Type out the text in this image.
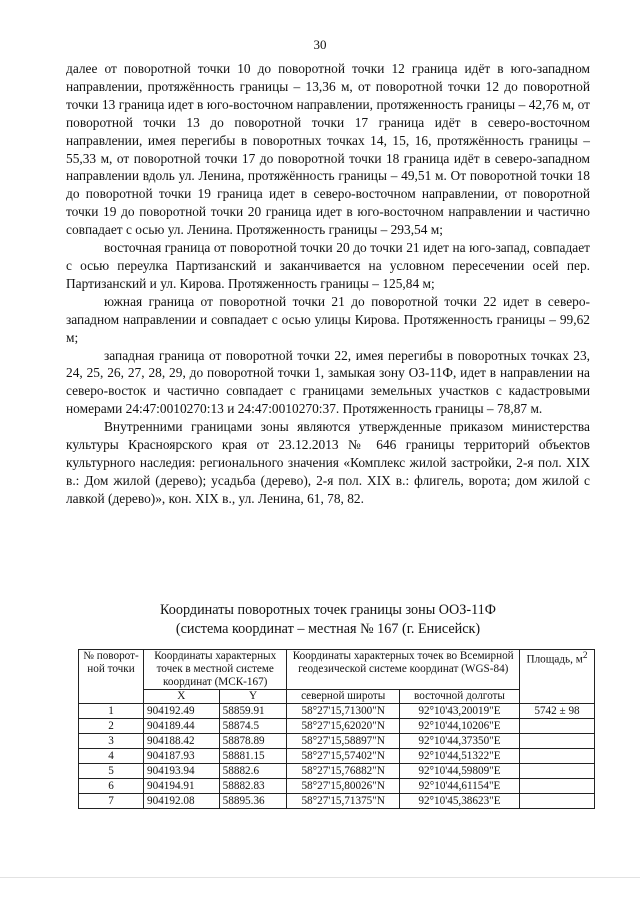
30

далее от поворотной точки 10 до поворотной точки 12 граница идёт в юго-западном направлении, протяжённость границы – 13,36 м, от поворотной точки 12 до поворотной точки 13 граница идет в юго-восточном направлении, протяженность границы – 42,76 м, от поворотной точки 13 до поворотной точки 17 граница идёт в северо-восточном направлении, имея перегибы в поворотных точках 14, 15, 16, протяжённость границы – 55,33 м, от поворотной точки 17 до поворотной точки 18 граница идёт в северо-западном направлении вдоль ул. Ленина, протяжённость границы – 49,51 м. От поворотной точки 18 до поворотной точки 19 граница идет в северо-восточном направлении, от поворотной точки 19 до поворотной точки 20 граница идет в юго-восточном направлении и частично совпадает с осью ул. Ленина. Протяженность границы – 293,54 м;

восточная граница от поворотной точки 20 до точки 21 идет на юго-запад, совпадает с осью переулка Партизанский и заканчивается на условном пересечении осей пер. Партизанский и ул. Кирова. Протяженность границы – 125,84 м;

южная граница от поворотной точки 21 до поворотной точки 22 идет в северо-западном направлении и совпадает с осью улицы Кирова. Протяженность границы – 99,62 м;

западная граница от поворотной точки 22, имея перегибы в поворотных точках 23, 24, 25, 26, 27, 28, 29, до поворотной точки 1, замыкая зону ОЗ-11Ф, идет в направлении на северо-восток и частично совпадает с границами земельных участков с кадастровыми номерами 24:47:0010270:13 и 24:47:0010270:37. Протяженность границы – 78,87 м.

Внутренними границами зоны являются утвержденные приказом министерства культуры Красноярского края от 23.12.2013 № 646 границы территорий объектов культурного наследия: регионального значения «Комплекс жилой застройки, 2-я пол. XIX в.: Дом жилой (дерево); усадьба (дерево), 2-я пол. XIX в.: флигель, ворота; дом жилой с лавкой (дерево)», кон. XIX в., ул. Ленина, 61, 78, 82.

Координаты поворотных точек границы зоны ООЗ-11Ф
(система координат – местная № 167 (г. Енисейск)
№ поворот-ной точки	Координаты характерных точек в местной системе координат (МСК-167)		Координаты характерных точек во Всемирной геодезической системе координат (WGS-84)		Площадь, $м^2$
	X	Y	северной широты	восточной долготы	
1	904192.49	58859.91	58°27'15,71300"N	92°10'43,20019"E	5742 ± 98
2	904189.44	58874.5	58°27'15,62020"N	92°10'44,10206"E	
3	904188.42	58878.89	58°27'15,58897"N	92°10'44,37350"E	
4	904187.93	58881.15	58°27'15,57402"N	92°10'44,51322"E	
5	904193.94	58882.6	58°27'15,76882"N	92°10'44,59809"E	
6	904194.91	58882.83	58°27'15,80026"N	92°10'44,61154"E	
7	904192.08	58895.36	58°27'15,71375"N	92°10'45,38623"E	
